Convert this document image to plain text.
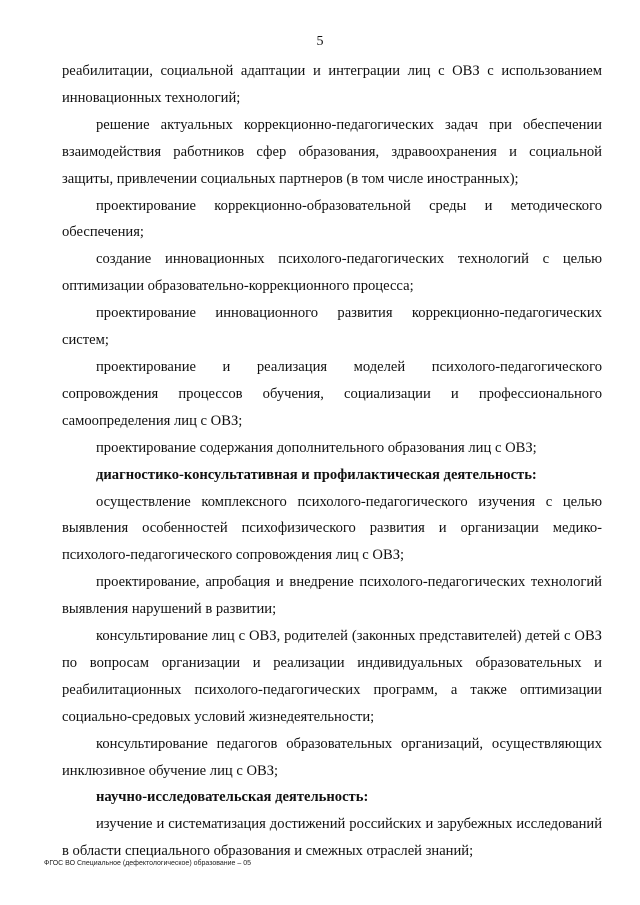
5

реабилитации, социальной адаптации и интеграции лиц с ОВЗ с использованием инновационных технологий;

решение актуальных коррекционно-педагогических задач при обеспечении взаимодействия работников сфер образования, здравоохранения и социальной защиты, привлечении социальных партнеров (в том числе иностранных);

проектирование коррекционно-образовательной среды и методического обеспечения;

создание инновационных психолого-педагогических технологий с целью оптимизации образовательно-коррекционного процесса;

проектирование инновационного развития коррекционно-педагогических систем;

проектирование и реализация моделей психолого-педагогического сопровождения процессов обучения, социализации и профессионального самоопределения лиц с ОВЗ;

проектирование содержания дополнительного образования лиц с ОВЗ;

диагностико-консультативная и профилактическая деятельность:

осуществление комплексного психолого-педагогического изучения с целью выявления особенностей психофизического развития и организации медико-психолого-педагогического сопровождения лиц с ОВЗ;

проектирование, апробация и внедрение психолого-педагогических технологий выявления нарушений в развитии;

консультирование лиц с ОВЗ, родителей (законных представителей) детей с ОВЗ по вопросам организации и реализации индивидуальных образовательных и реабилитационных психолого-педагогических программ, а также оптимизации социально-средовых условий жизнедеятельности;

консультирование педагогов образовательных организаций, осуществляющих инклюзивное обучение лиц с ОВЗ;

научно-исследовательская деятельность:

изучение и систематизация достижений российских и зарубежных исследований в области специального образования и смежных отраслей знаний;

ФГОС ВО Специальное (дефектологическое) образование – 05
